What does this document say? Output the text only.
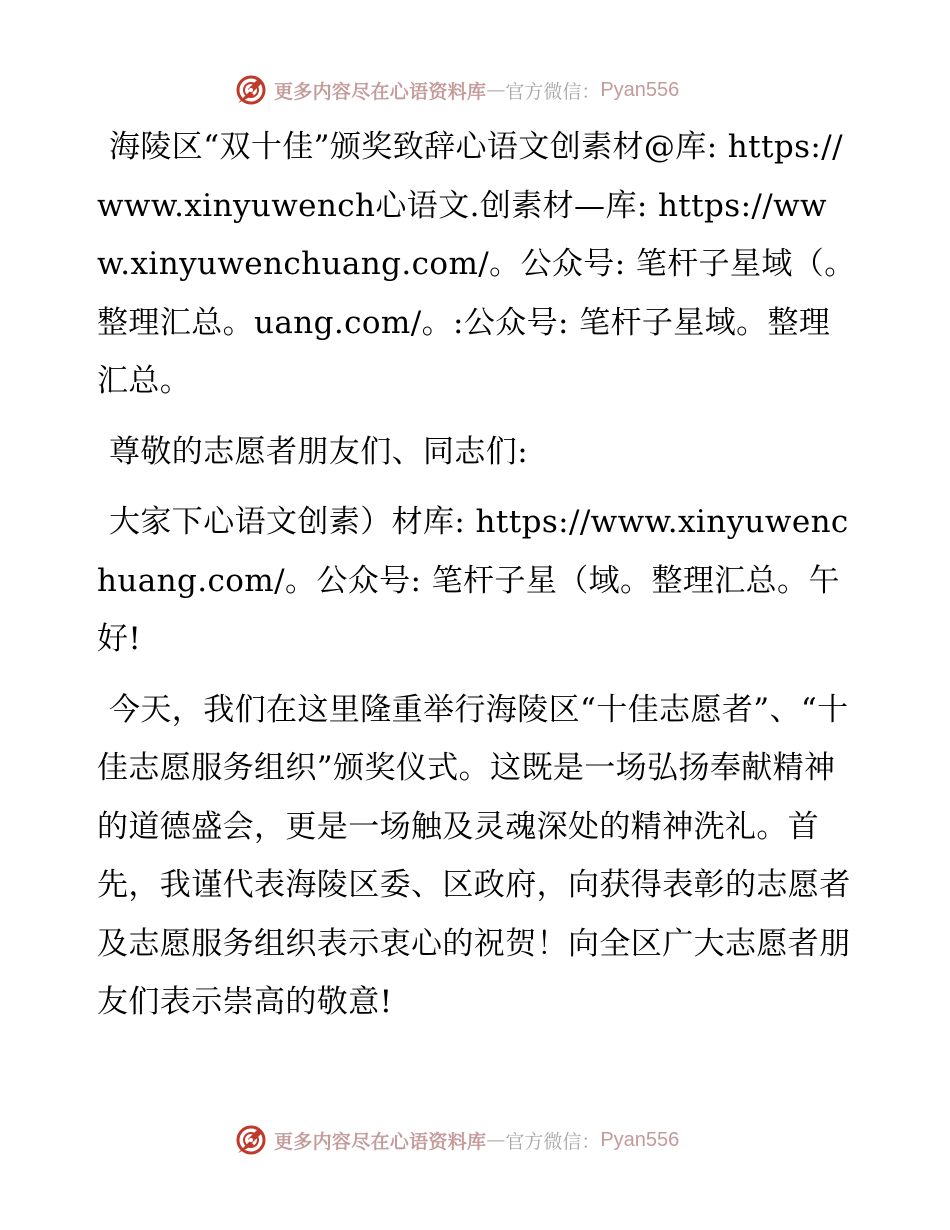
更多内容尽在心语资料库 — 官方微信： Pyan556

海陵区“双十佳”颁奖致辞心语文创素材@库: https://www.xinyuwench心语文.创素材—库: https://www.xinyuwenchuang.com/。公众号: 笔杆子星域（。整理汇总。uang.com/。:公众号: 笔杆子星域。整理汇总。

尊敬的志愿者朋友们、同志们:

大家下心语文创素）材库: https://www.xinyuwenchuang.com/。公众号: 笔杆子星（域。整理汇总。午好!

今天，我们在这里隆重举行海陵区“十佳志愿者”、“十佳志愿服务组织”颁奖仪式。这既是一场弘扬奉献精神的道德盛会，更是一场触及灵魂深处的精神洗礼。首先，我谨代表海陵区委、区政府，向获得表彰的志愿者及志愿服务组织表示衷心的祝贺！向全区广大志愿者朋友们表示崇高的敬意!

更多内容尽在心语资料库 — 官方微信： Pyan556
